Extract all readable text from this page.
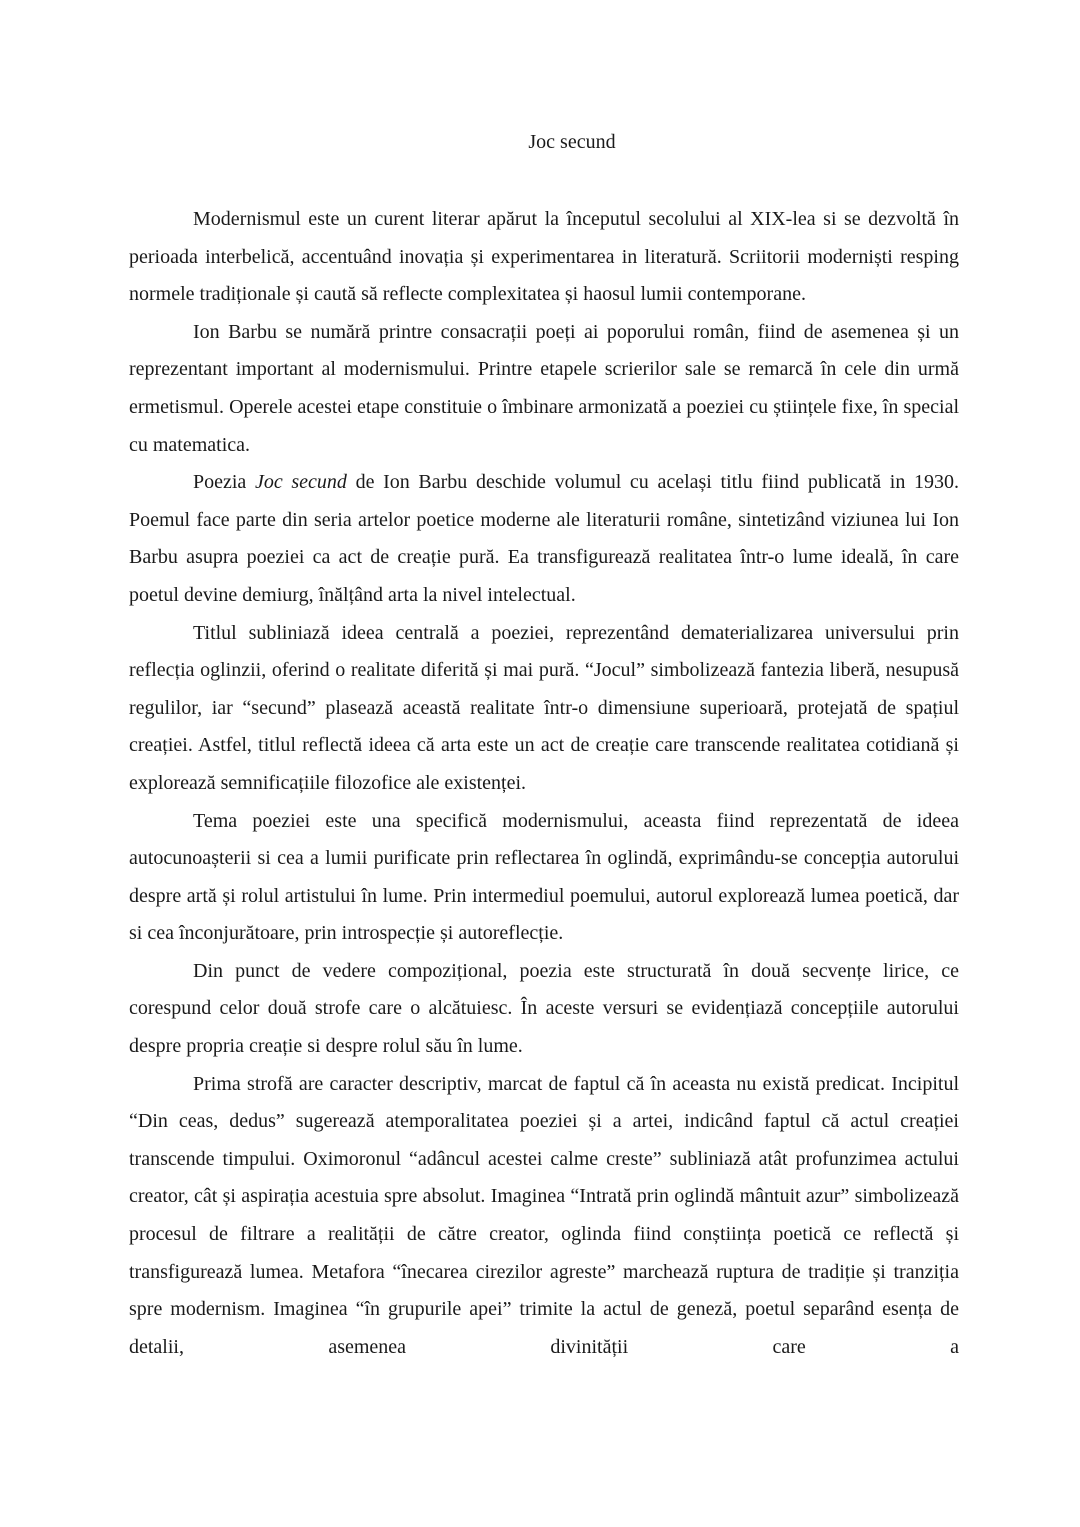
Joc secund

Modernismul este un curent literar apărut la începutul secolului al XIX-lea si se dezvoltă în perioada interbelică, accentuând inovația și experimentarea in literatură. Scriitorii moderniști resping normele tradiționale și caută să reflecte complexitatea și haosul lumii contemporane.

Ion Barbu se numără printre consacrații poeți ai poporului român, fiind de asemenea și un reprezentant important al modernismului. Printre etapele scrierilor sale se remarcă în cele din urmă ermetismul. Operele acestei etape constituie o îmbinare armonizată a poeziei cu științele fixe, în special cu matematica.

Poezia Joc secund de Ion Barbu deschide volumul cu același titlu fiind publicată in 1930. Poemul face parte din seria artelor poetice moderne ale literaturii române, sintetizând viziunea lui Ion Barbu asupra poeziei ca act de creație pură. Ea transfigurează realitatea într-o lume ideală, în care poetul devine demiurg, înălțând arta la nivel intelectual.

Titlul subliniază ideea centrală a poeziei, reprezentând dematerializarea universului prin reflecția oglinzii, oferind o realitate diferită și mai pură. “Jocul” simbolizează fantezia liberă, nesupusă regulilor, iar “secund” plasează această realitate într-o dimensiune superioară, protejată de spațiul creației. Astfel, titlul reflectă ideea că arta este un act de creație care transcende realitatea cotidiană și explorează semnificațiile filozofice ale existenței.

Tema poeziei este una specifică modernismului, aceasta fiind reprezentată de ideea autocunoașterii si cea a lumii purificate prin reflectarea în oglindă, exprimându-se concepția autorului despre artă și rolul artistului în lume. Prin intermediul poemului, autorul explorează lumea poetică, dar si cea înconjurătoare, prin introspecție și autoreflecție.

Din punct de vedere compozițional, poezia este structurată în două secvențe lirice, ce corespund celor două strofe care o alcătuiesc. În aceste versuri se evidențiază concepțiile autorului despre propria creație si despre rolul său în lume.

Prima strofă are caracter descriptiv, marcat de faptul că în aceasta nu există predicat. Incipitul “Din ceas, dedus” sugerează atemporalitatea poeziei și a artei, indicând faptul că actul creației transcende timpului. Oximoronul “adâncul acestei calme creste” subliniază atât profunzimea actului creator, cât și aspirația acestuia spre absolut. Imaginea “Intrată prin oglindă mântuit azur” simbolizează procesul de filtrare a realității de către creator, oglinda fiind conștiința poetică ce reflectă și transfigurează lumea. Metafora “înecarea cirezilor agreste” marchează ruptura de tradiție și tranziția spre modernism. Imaginea “în grupurile apei” trimite la actul de geneză, poetul separând esența de detalii, asemenea divinității care a
